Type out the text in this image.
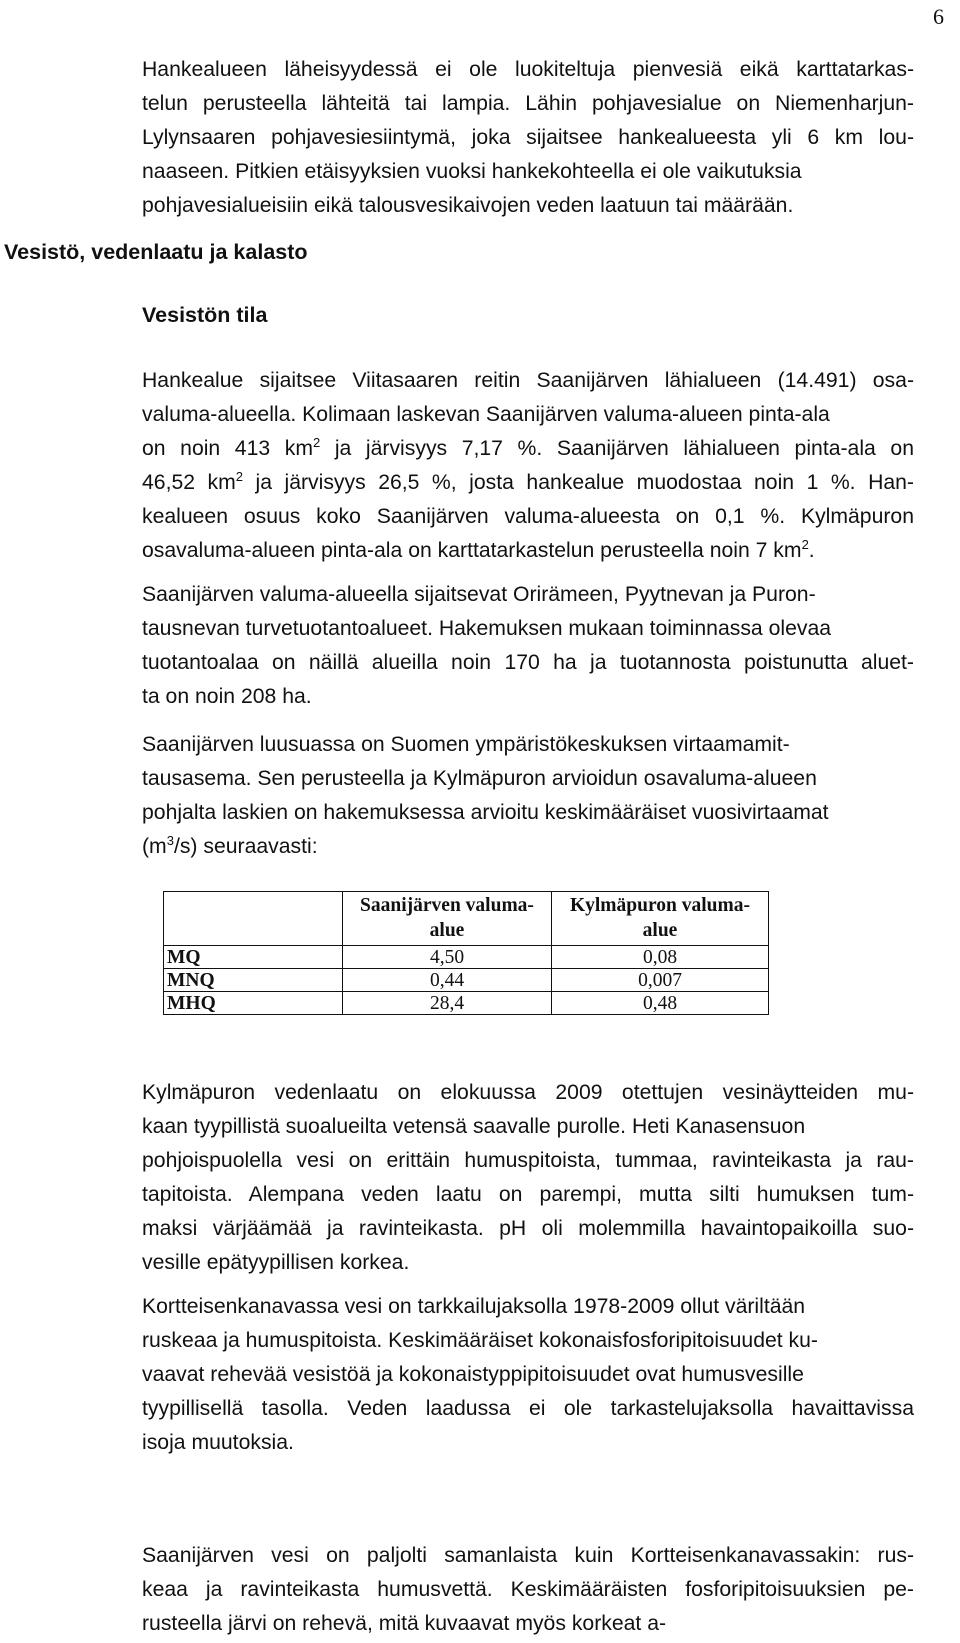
6

Hankealueen läheisyydessä ei ole luokiteltuja pienvesiä eikä karttatarkas-
telun perusteella lähteitä tai lampia. Lähin pohjavesialue on Niemenharjun-
Lylynsaaren pohjavesiesiintymä, joka sijaitsee hankealueesta yli 6 km lou-
naaseen. Pitkien etäisyyksien vuoksi hankekohteella ei ole vaikutuksia
pohjavesialueisiin eikä talousvesikaivojen veden laatuun tai määrään.

Vesistö, vedenlaatu ja kalasto
Vesistön tila

Hankealue sijaitsee Viitasaaren reitin Saanijärven lähialueen (14.491) osa-
valuma-alueella. Kolimaan laskevan Saanijärven valuma-alueen pinta-ala
on noin 413 $km^2$ ja järvisyys 7,17 %. Saanijärven lähialueen pinta-ala on
46,52 $km^2$ ja järvisyys 26,5 %, josta hankealue muodostaa noin 1 %. Han-
kealueen osuus koko Saanijärven valuma-alueesta on 0,1 %. Kylmäpuron
osavaluma-alueen pinta-ala on karttatarkastelun perusteella noin 7 $km^2$.

Saanijärven valuma-alueella sijaitsevat Orirämeen, Pyytnevan ja Puron-
tausnevan turvetuotantoalueet. Hakemuksen mukaan toiminnassa olevaa
tuotantoalaa on näillä alueilla noin 170 ha ja tuotannosta poistunutta aluet-
ta on noin 208 ha.

Saanijärven luusuassa on Suomen ympäristökeskuksen virtaamamit-
tausasema. Sen perusteella ja Kylmäpuron arvioidun osavaluma-alueen
pohjalta laskien on hakemuksessa arvioitu keskimääräiset vuosivirtaamat
$(m^3/s)$ seuraavasti:

	Saanijärven valuma-
alue	Kylmäpuron valuma-
alue
MQ	4,50	0,08
MNQ	0,44	0,007
MHQ	28,4	0,48

Kylmäpuron vedenlaatu on elokuussa 2009 otettujen vesinäytteiden mu-
kaan tyypillistä suoalueilta vetensä saavalle purolle. Heti Kanasensuon
pohjoispuolella vesi on erittäin humuspitoista, tummaa, ravinteikasta ja rau-
tapitoista. Alempana veden laatu on parempi, mutta silti humuksen tum-
maksi värjäämää ja ravinteikasta. pH oli molemmilla havaintopaikoilla suo-
vesille epätyypillisen korkea.

Kortteisenkanavassa vesi on tarkkailujaksolla 1978-2009 ollut väriltään
ruskeaa ja humuspitoista. Keskimääräiset kokonaisfosforipitoisuudet ku-
vaavat rehevää vesistöä ja kokonaistyppipitoisuudet ovat humusvesille
tyypillisellä tasolla. Veden laadussa ei ole tarkastelujaksolla havaittavissa
isoja muutoksia.

Saanijärven vesi on paljolti samanlaista kuin Kortteisenkanavassakin: rus-
keaa ja ravinteikasta humusvettä. Keskimääräisten fosforipitoisuuksien pe-
rusteella järvi on rehevä, mitä kuvaavat myös korkeat a-
